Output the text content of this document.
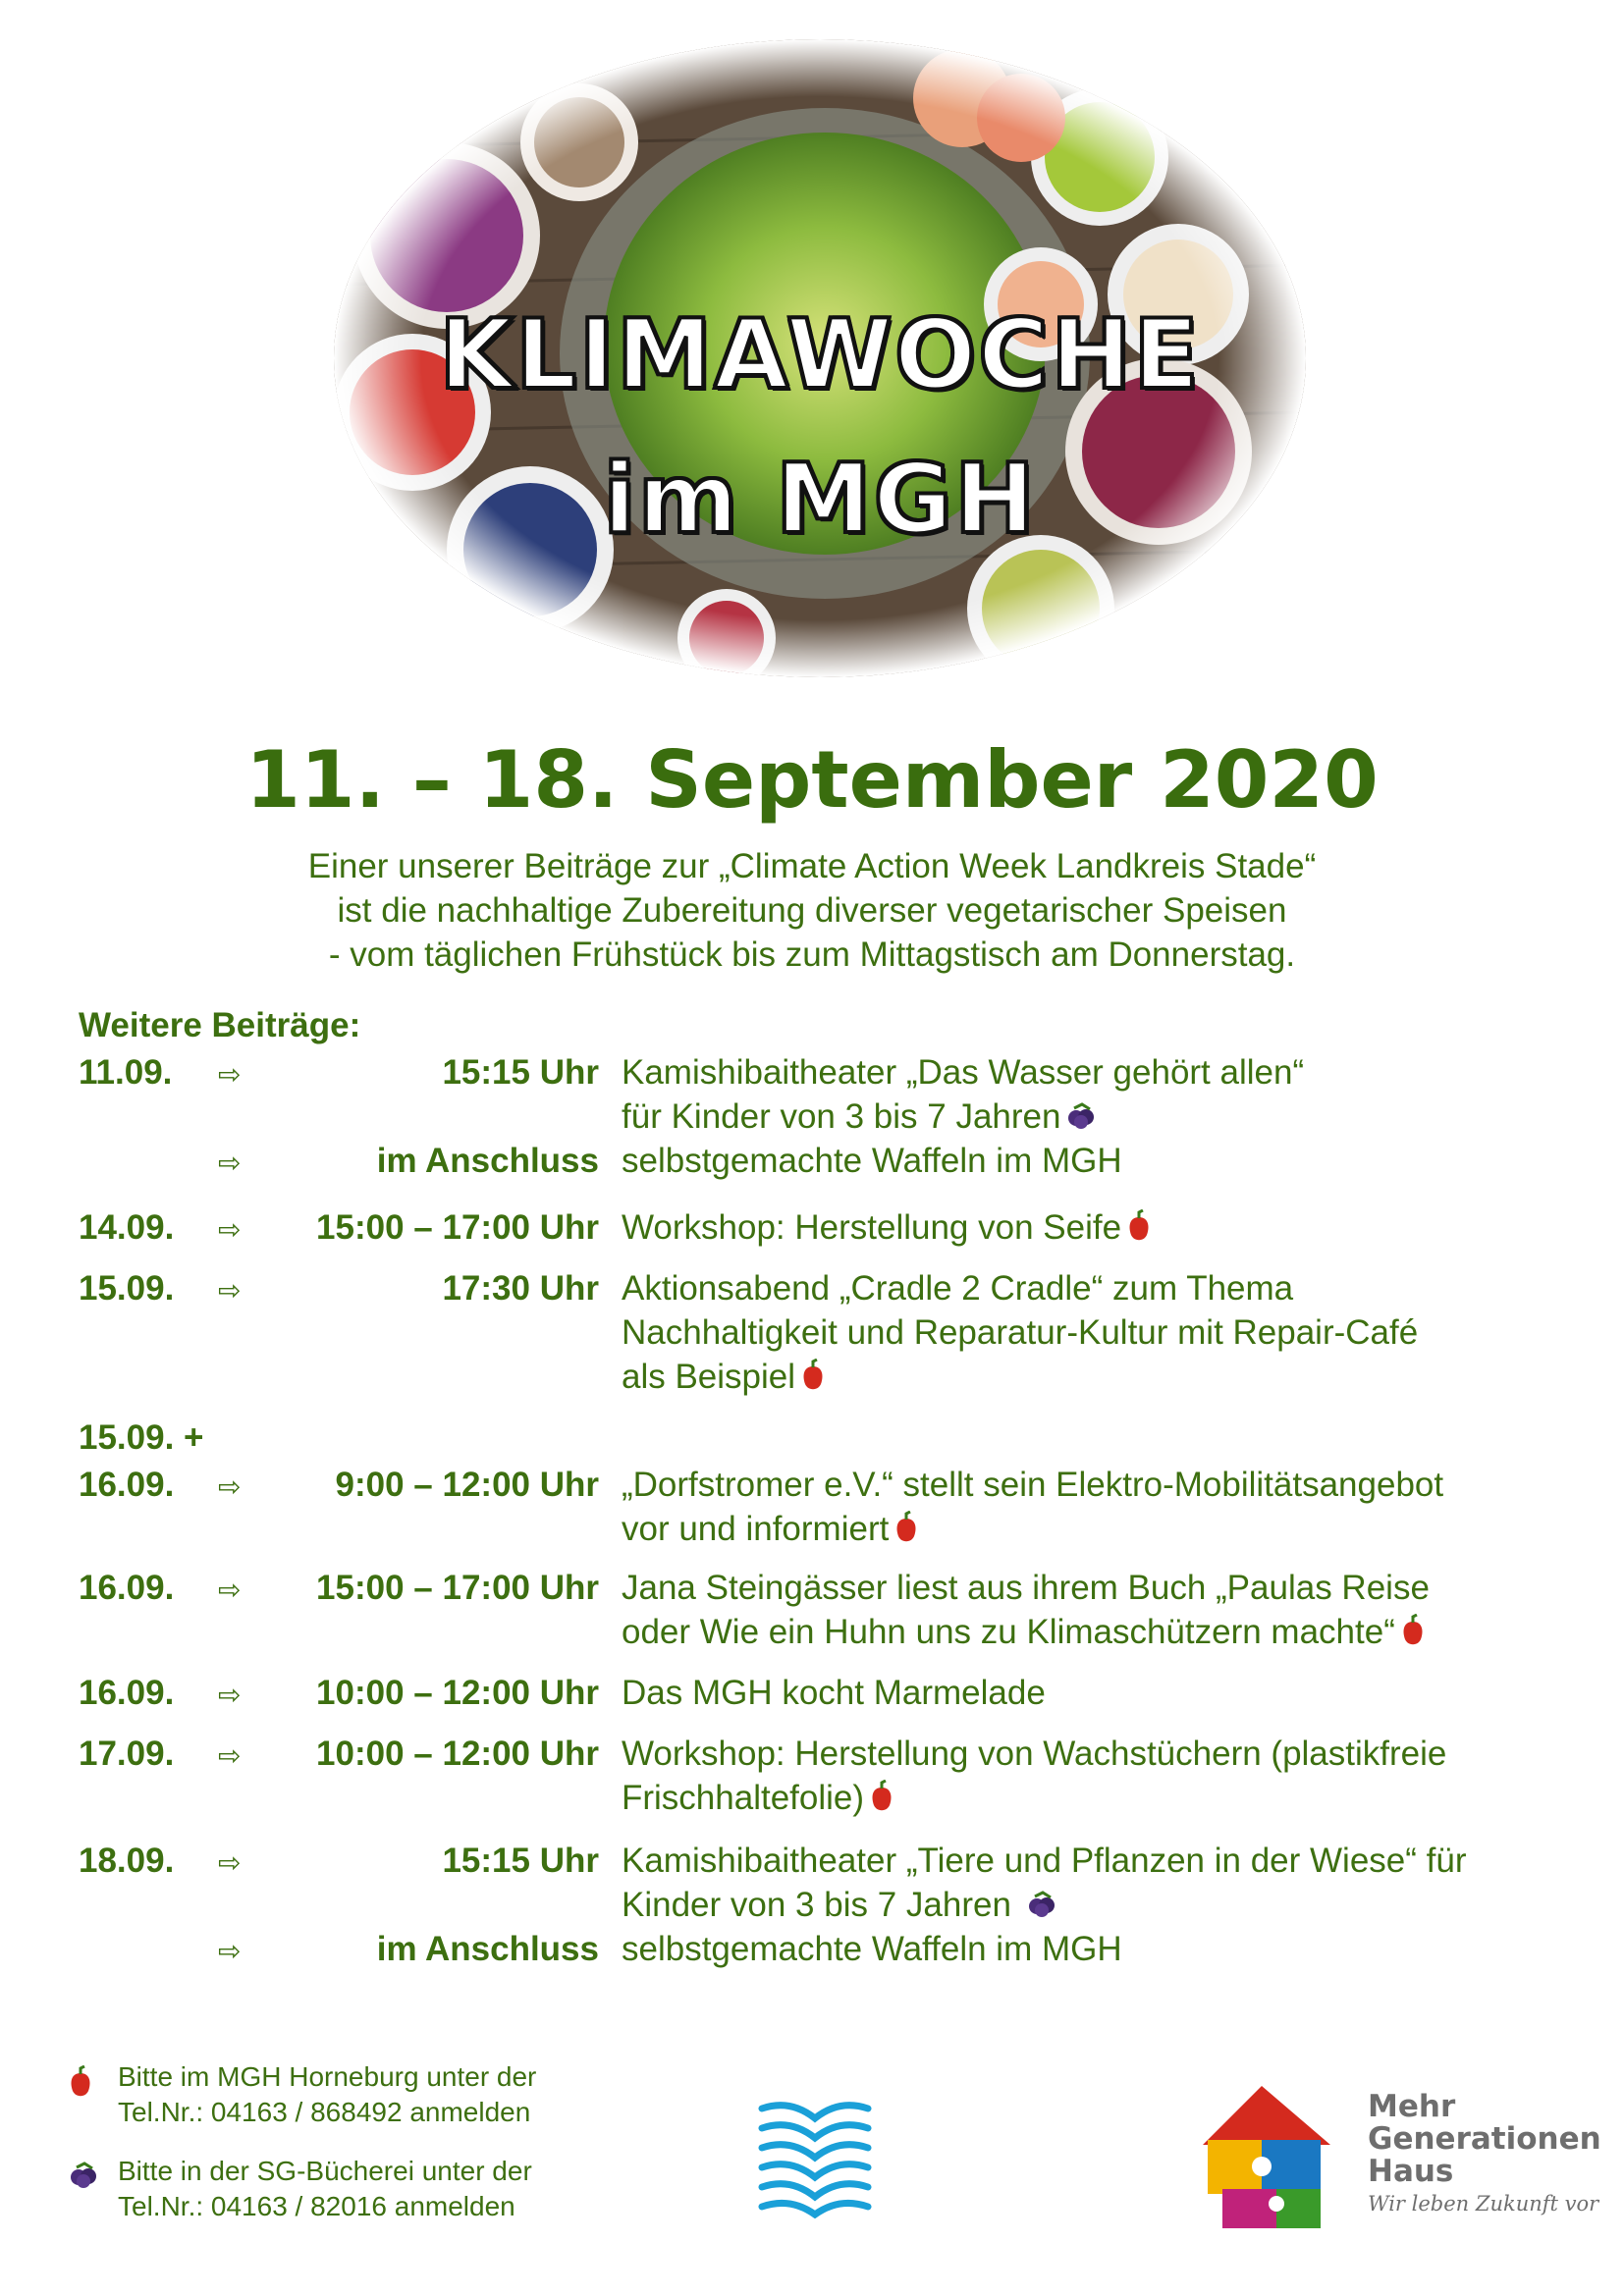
KLIMAWOCHE
im MGH
11. – 18. September 2020
Einer unserer Beiträge zur „Climate Action Week Landkreis Stade“
ist die nachhaltige Zubereitung diverser vegetarischer Speisen
- vom täglichen Frühstück bis zum Mittagstisch am Donnerstag.
Weitere Beiträge:
11.09. ⇨	15:15 Uhr Kamishibaitheater „Das Wasser gehört allen“
für Kinder von 3 bis 7 Jahren
⇨	im Anschluss selbstgemachte Waffeln im MGH
14.09. ⇨ 15:00 – 17:00 Uhr Workshop: Herstellung von Seife
15.09. ⇨	17:30 Uhr Aktionsabend „Cradle 2 Cradle“ zum Thema
Nachhaltigkeit und Reparatur-Kultur mit Repair-Café
als Beispiel
15.09. +
16.09. ⇨	9:00 – 12:00 Uhr „Dorfstromer e.V.“ stellt sein Elektro-Mobilitätsangebot
vor und informiert
16.09. ⇨ 15:00 – 17:00 Uhr Jana Steingässer liest aus ihrem Buch „Paulas Reise
oder Wie ein Huhn uns zu Klimaschützern machte“
16.09. ⇨ 10:00 – 12:00 Uhr Das MGH kocht Marmelade
17.09. ⇨ 10:00 – 12:00 Uhr Workshop: Herstellung von Wachstüchern (plastikfreie
Frischhaltefolie)
18.09. ⇨	15:15 Uhr Kamishibaitheater „Tiere und Pflanzen in der Wiese“ für
Kinder von 3 bis 7 Jahren
⇨	im Anschluss selbstgemachte Waffeln im MGH
Bitte im MGH Horneburg unter der
Tel.Nr.: 04163 / 868492 anmelden
Bitte in der SG-Bücherei unter der
Tel.Nr.: 04163 / 82016 anmelden
Mehr
Generationen
Haus
Wir leben Zukunft vor
